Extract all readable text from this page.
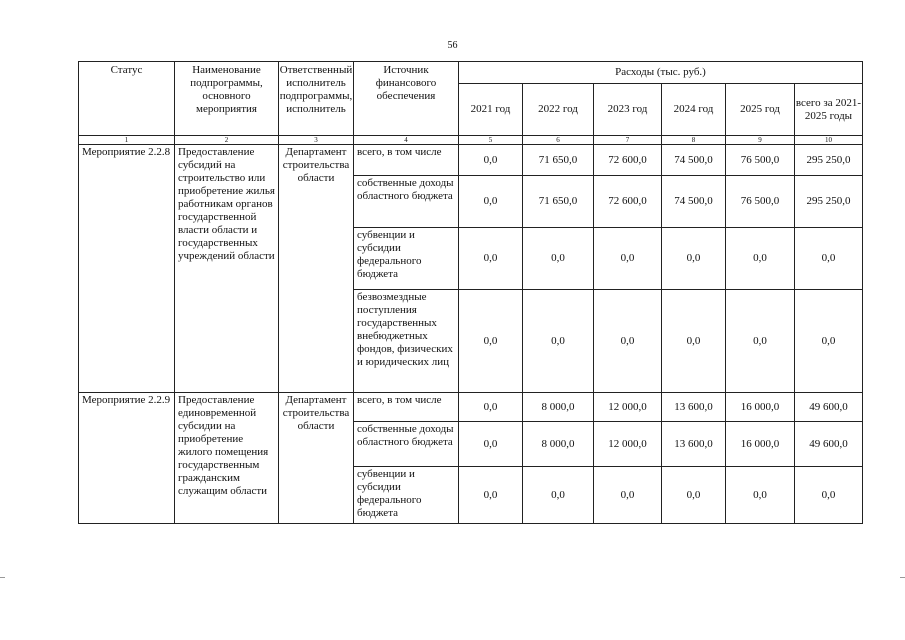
56
Статус	Наименование подпрограммы, основного мероприятия	Ответственный исполнитель подпрограммы, исполнитель	Источник финансового обеспечения	Расходы (тыс. руб.)					
				2021 год	2022 год	2023 год	2024 год	2025 год	всего за 2021-2025 годы
1	2	3	4	5	6	7	8	9	10
Мероприятие 2.2.8	Предоставление субсидий на строительство или приобретение жилья работникам органов государственной власти области и государственных учреждений области	Департамент строительства области	всего, в том числе	0,0	71 650,0	72 600,0	74 500,0	76 500,0	295 250,0
			собственные доходы областного бюджета	0,0	71 650,0	72 600,0	74 500,0	76 500,0	295 250,0
			субвенции и субсидии федерального бюджета	0,0	0,0	0,0	0,0	0,0	0,0
			безвозмездные поступления государственных внебюджетных фондов, физических и юридических лиц	0,0	0,0	0,0	0,0	0,0	0,0
Мероприятие 2.2.9	Предоставление единовременной субсидии на приобретение жилого помещения государственным гражданским служащим области	Департамент строительства области	всего, в том числе	0,0	8 000,0	12 000,0	13 600,0	16 000,0	49 600,0
			собственные доходы областного бюджета	0,0	8 000,0	12 000,0	13 600,0	16 000,0	49 600,0
			субвенции и субсидии федерального бюджета	0,0	0,0	0,0	0,0	0,0	0,0
